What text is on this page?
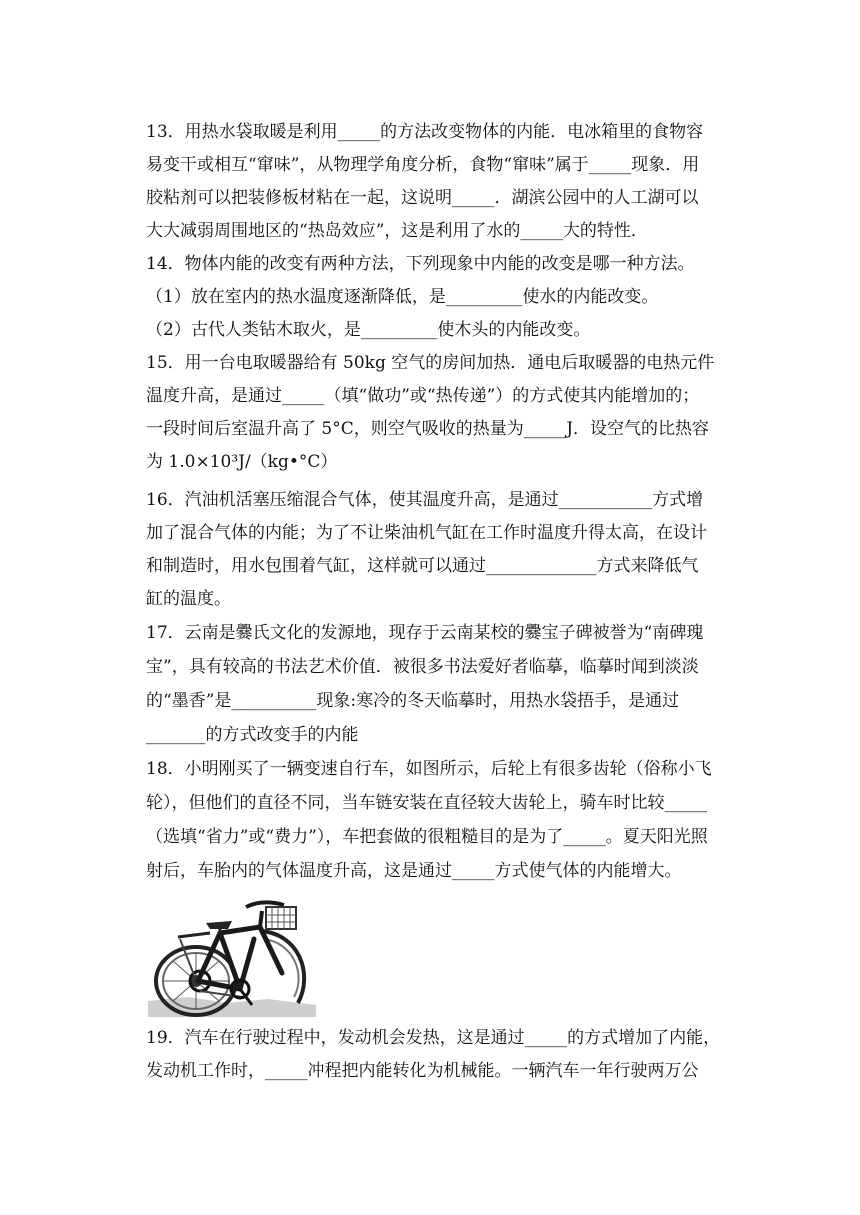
13．用热水袋取暖是利用_____的方法改变物体的内能．电冰箱里的食物容
易变干或相互“窜味”，从物理学角度分析，食物“窜味”属于_____现象．用
胶粘剂可以把装修板材粘在一起，这说明_____．湖滨公园中的人工湖可以
大大减弱周围地区的“热岛效应”，这是利用了水的_____大的特性．
14．物体内能的改变有两种方法，下列现象中内能的改变是哪一种方法。
（1）放在室内的热水温度逐渐降低，是_________使水的内能改变。
（2）古代人类钻木取火，是_________使木头的内能改变。
15．用一台电取暖器给有 50kg 空气的房间加热．通电后取暖器的电热元件
温度升高，是通过_____（填“做功”或“热传递”）的方式使其内能增加的；
一段时间后室温升高了 5°C，则空气吸收的热量为_____J．设空气的比热容
为 1.0×10³J/（kg•°C）
16．汽油机活塞压缩混合气体，使其温度升高，是通过___________方式增
加了混合气体的内能；为了不让柴油机气缸在工作时温度升得太高，在设计
和制造时，用水包围着气缸，这样就可以通过_____________方式来降低气
缸的温度。
17．云南是爨氏文化的发源地，现存于云南某校的爨宝子碑被誉为“南碑瑰
宝”，具有较高的书法艺术价值．被很多书法爱好者临摹，临摹时闻到淡淡
的“墨香”是__________现象:寒冷的冬天临摹时，用热水袋捂手，是通过
_______的方式改变手的内能
18．小明刚买了一辆变速自行车，如图所示，后轮上有很多齿轮（俗称小飞
轮），但他们的直径不同，当车链安装在直径较大齿轮上，骑车时比较_____
（选填“省力”或“费力”），车把套做的很粗糙目的是为了_____。夏天阳光照
射后，车胎内的气体温度升高，这是通过_____方式使气体的内能增大。
19．汽车在行驶过程中，发动机会发热，这是通过_____的方式增加了内能，
发动机工作时，_____冲程把内能转化为机械能。一辆汽车一年行驶两万公
